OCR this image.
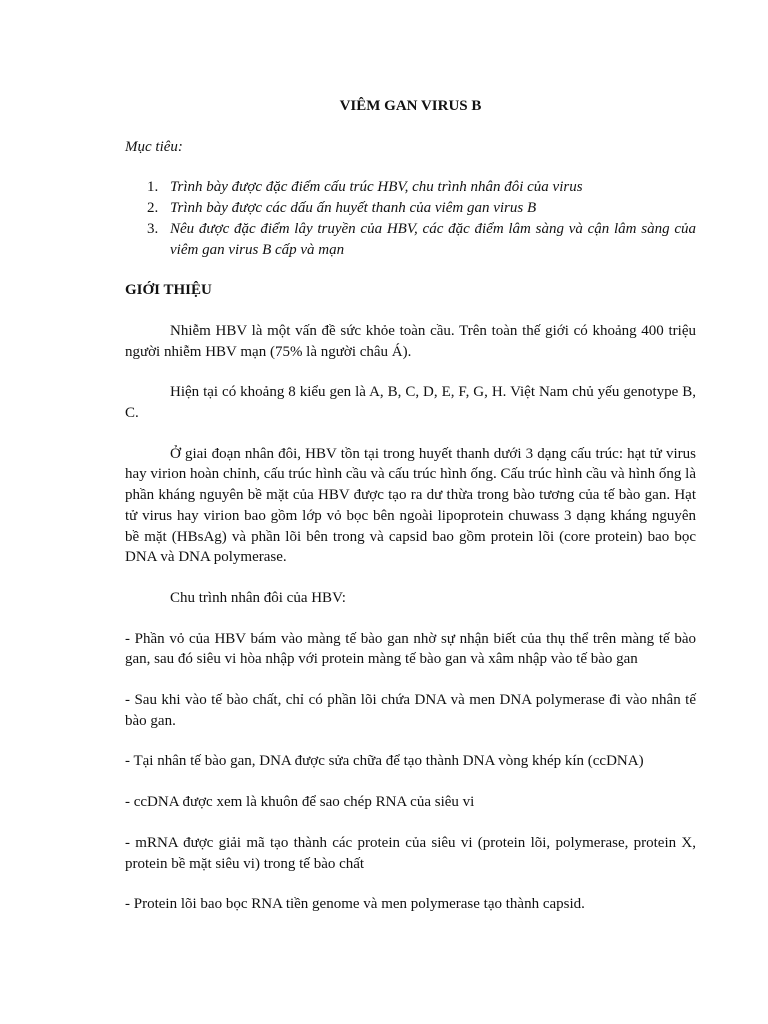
VIÊM GAN VIRUS B
Mục tiêu:
1. Trình bày được đặc điểm cấu trúc HBV, chu trình nhân đôi của virus
2. Trình bày được các dấu ấn huyết thanh của viêm gan virus B
3. Nêu được đặc điểm lây truyền của HBV, các đặc điểm lâm sàng và cận lâm sàng của viêm gan virus B cấp và mạn
GIỚI THIỆU

Nhiễm HBV là một vấn đề sức khỏe toàn cầu. Trên toàn thế giới có khoảng 400 triệu người nhiễm HBV mạn (75% là người châu Á).

Hiện tại có khoảng 8 kiểu gen là A, B, C, D, E, F, G, H. Việt Nam chủ yếu genotype B, C.

Ở giai đoạn nhân đôi, HBV tồn tại trong huyết thanh dưới 3 dạng cấu trúc: hạt tử virus hay virion hoàn chỉnh, cấu trúc hình cầu và cấu trúc hình ống. Cấu trúc hình cầu và hình ống là phần kháng nguyên bề mặt của HBV được tạo ra dư thừa trong bào tương của tế bào gan. Hạt tử virus hay virion bao gồm lớp vỏ bọc bên ngoài lipoprotein chuwass 3 dạng kháng nguyên bề mặt (HBsAg) và phần lõi bên trong và capsid bao gồm protein lõi (core protein) bao bọc DNA và DNA polymerase.

Chu trình nhân đôi của HBV:

- Phần vỏ của HBV bám vào màng tế bào gan nhờ sự nhận biết của thụ thể trên màng tế bào gan, sau đó siêu vi hòa nhập với protein màng tế bào gan và xâm nhập vào tế bào gan

- Sau khi vào tế bào chất, chỉ có phần lõi chứa DNA và men DNA polymerase đi vào nhân tế bào gan.

- Tại nhân tế bào gan, DNA được sửa chữa để tạo thành DNA vòng khép kín (ccDNA)

- ccDNA được xem là khuôn để sao chép RNA của siêu vi

- mRNA được giải mã tạo thành các protein của siêu vi (protein lõi, polymerase, protein X, protein bề mặt siêu vi) trong tế bào chất

- Protein lõi bao bọc RNA tiền genome và men polymerase tạo thành capsid.
